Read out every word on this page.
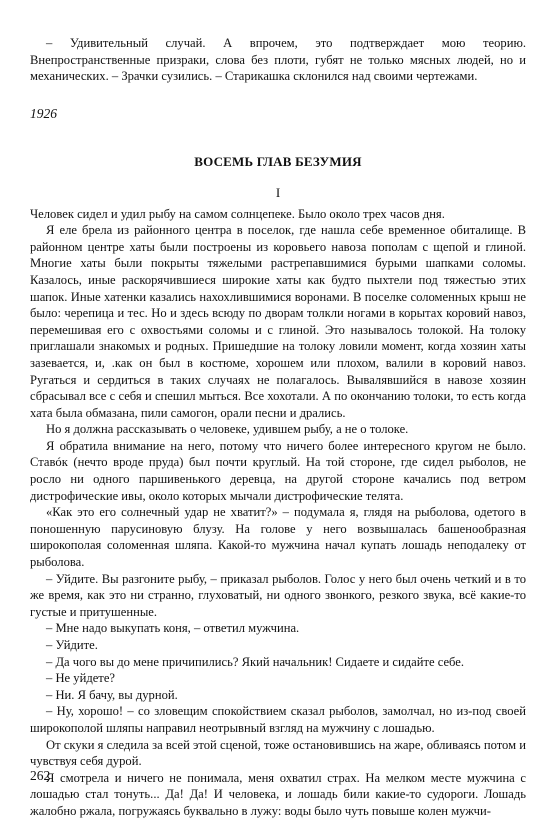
– Удивительный случай. А впрочем, это подтверждает мою теорию. Внепространственные призраки, слова без плоти, губят не только мясных людей, но и механических. – Зрачки сузились. – Старикашка склонился над своими чертежами.

1926

ВОСЕМЬ ГЛАВ БЕЗУМИЯ

I

Человек сидел и удил рыбу на самом солнцепеке. Было около трех часов дня.

Я еле брела из районного центра в поселок, где нашла себе временное обиталище. В районном центре хаты были построены из коровьего навоза пополам с щепой и глиной. Многие хаты были покрыты тяжелыми растрепавшимися бурыми шапками соломы. Казалось, иные раскорячившиеся широкие хаты как будто пыхтели под тяжестью этих шапок. Иные хатенки казались нахохлившимися воронами. В поселке соломенных крыш не было: черепица и тес. Но и здесь всюду по дворам толкли ногами в корытах коровий навоз, перемешивая его с охвостьями соломы и с глиной. Это называлось толокой. На толоку приглашали знакомых и родных. Пришедшие на толоку ловили момент, когда хозяин хаты зазевается, и, .как он был в костюме, хорошем или плохом, валили в коровий навоз. Ругаться и сердиться в таких случаях не полагалось. Вывалявшийся в навозе хозяин сбрасывал все с себя и спешил мыться. Все хохотали. А по окончанию толоки, то есть когда хата была обмазана, пили самогон, орали песни и дрались.

Но я должна рассказывать о человеке, удившем рыбу, а не о толоке.

Я обратила внимание на него, потому что ничего более интересного кругом не было. Ставóк (нечто вроде пруда) был почти круглый. На той стороне, где сидел рыболов, не росло ни одного паршивенького деревца, на другой стороне качались под ветром дистрофические ивы, около которых мычали дистрофические телята.

«Как это его солнечный удар не хватит?» – подумала я, глядя на рыболова, одетого в поношенную парусиновую блузу. На голове у него возвышалась башенообразная широкополая соломенная шляпа. Какой-то мужчина начал купать лошадь неподалеку от рыболова.

– Уйдите. Вы разгоните рыбу, – приказал рыболов. Голос у него был очень четкий и в то же время, как это ни странно, глуховатый, ни одного звонкого, резкого звука, всё какие-то густые и притушенные.

– Мне надо выкупать коня, – ответил мужчина.

– Уйдите.

– Да чого вы до мене причипились? Який начальник! Сидаете и сидайте себе.

– Не уйдете?

– Ни. Я бачу, вы дурной.

– Ну, хорошо! – со зловещим спокойствием сказал рыболов, замолчал, но из-под своей широкополой шляпы направил неотрывный взгляд на мужчину с лошадью.

От скуки я следила за всей этой сценой, тоже остановившись на жаре, обливаясь потом и чувствуя себя дурой.

Я смотрела и ничего не понимала, меня охватил страх. На мелком месте мужчина с лошадью стал тонуть... Да! Да! И человека, и лошадь били какие-то судороги. Лошадь жалобно ржала, погружаясь буквально в лужу: воды было чуть повыше колен мужчи-

262
